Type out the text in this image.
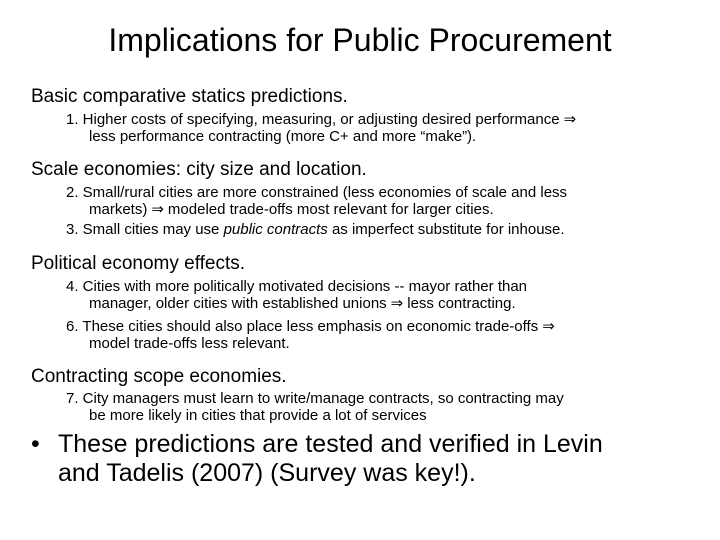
Implications for Public Procurement
Basic comparative statics predictions.
1. Higher costs of specifying, measuring, or adjusting desired performance ⇒
less performance contracting (more C+ and more “make”).
Scale economies: city size and location.
2. Small/rural cities are more constrained (less economies of scale and less
markets) ⇒ modeled trade-offs most relevant for larger cities.
3. Small cities may use public contracts as imperfect substitute for inhouse.
Political economy effects.
4. Cities with more politically motivated decisions -- mayor rather than
manager, older cities with established unions ⇒ less contracting.
6. These cities should also place less emphasis on economic trade-offs ⇒
model trade-offs less relevant.
Contracting scope economies.
7. City managers must learn to write/manage contracts, so contracting may
be more likely in cities that provide a lot of services
• These predictions are tested and verified in Levin
and Tadelis (2007) (Survey was key!).
